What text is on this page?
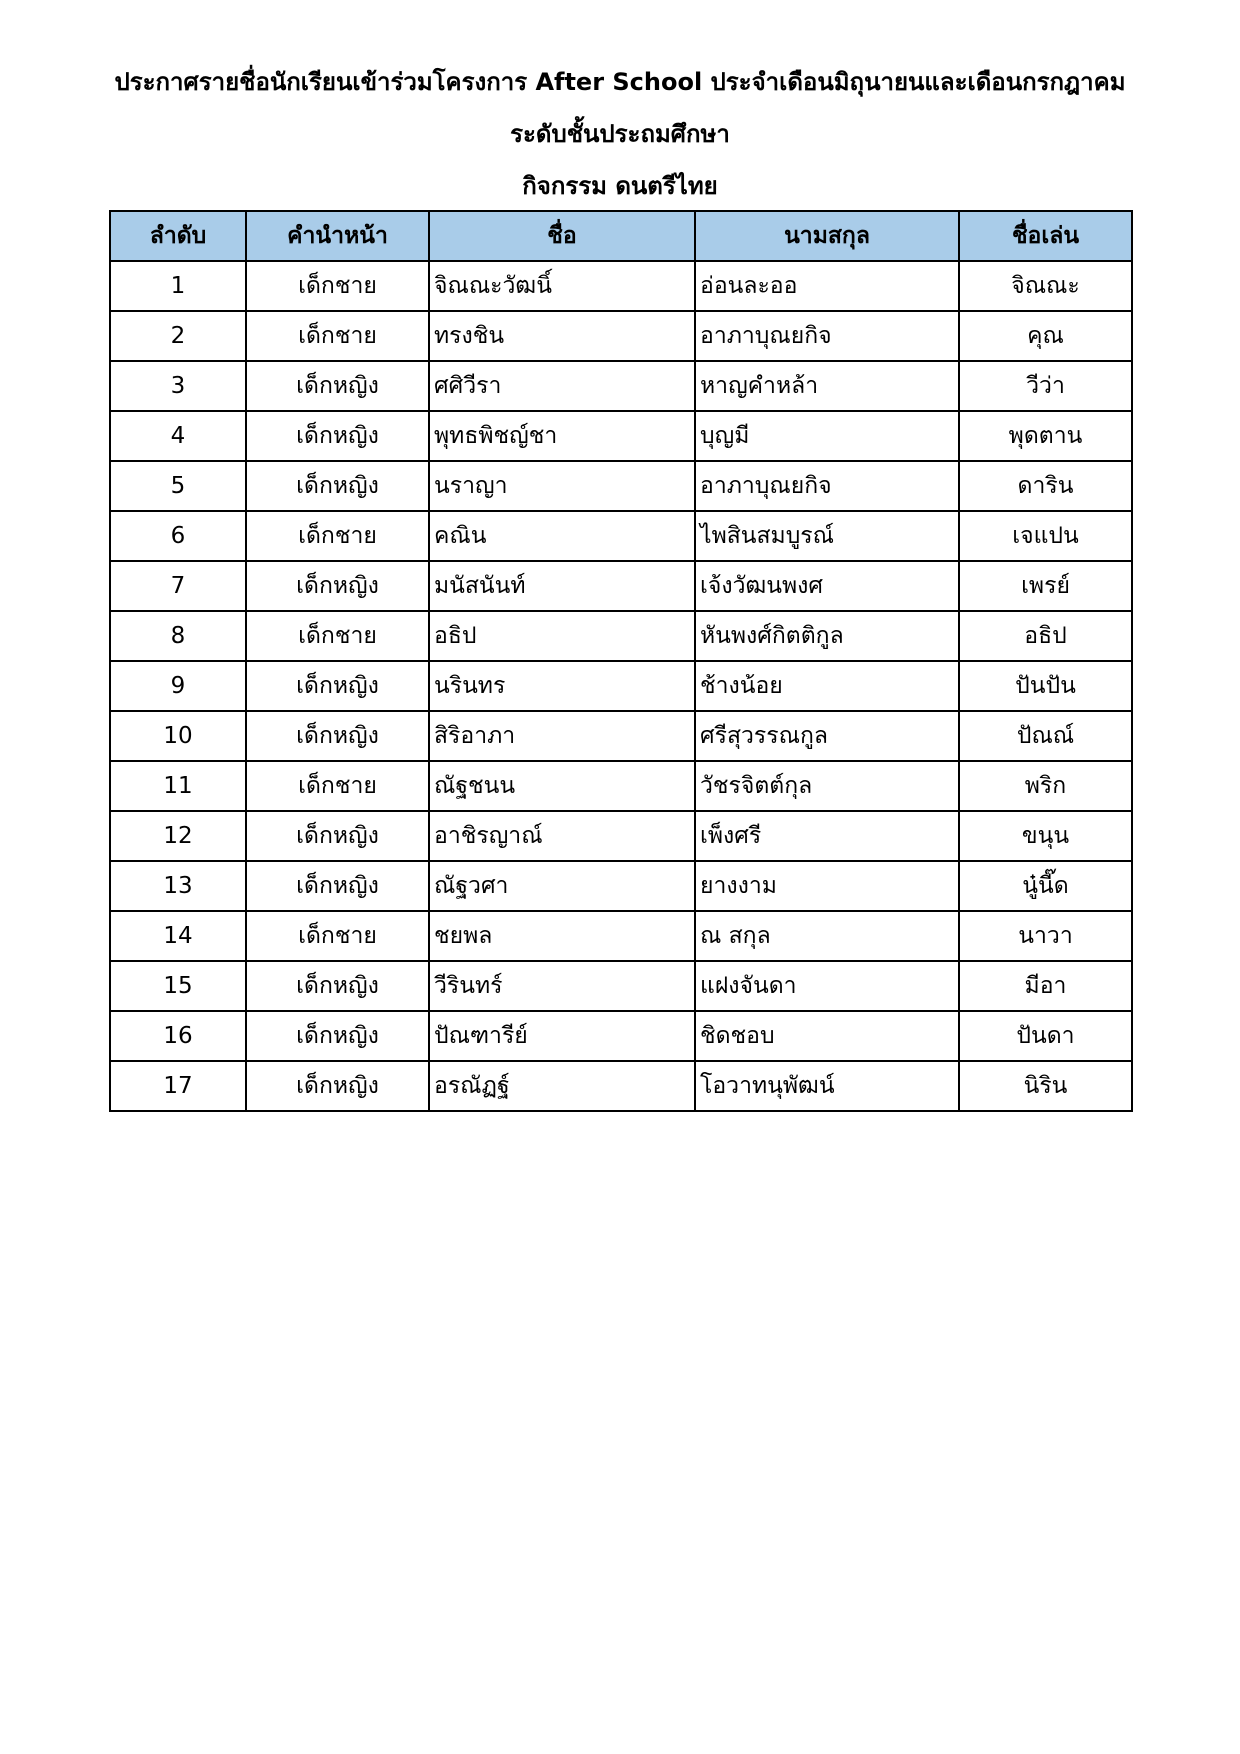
ประกาศรายชื่อนักเรียนเข้าร่วมโครงการ After School ประจำเดือนมิถุนายนและเดือนกรกฎาคม
ระดับชั้นประถมศึกษา
กิจกรรม ดนตรีไทย
ลำดับ	คำนำหน้า	ชื่อ	นามสกุล	ชื่อเล่น
1	เด็กชาย	จิณณะวัฒนิ์	อ่อนละออ	จิณณะ
2	เด็กชาย	ทรงชิน	อาภาบุณยกิจ	คุณ
3	เด็กหญิง	ศศิวีรา	หาญคำหล้า	วีว่า
4	เด็กหญิง	พุทธพิชญ์ชา	บุญมี	พุดตาน
5	เด็กหญิง	นราญา	อาภาบุณยกิจ	ดาริน
6	เด็กชาย	คณิน	ไพสินสมบูรณ์	เจแปน
7	เด็กหญิง	มนัสนันท์	เจ้งวัฒนพงศ	เพรย์
8	เด็กชาย	อธิป	หันพงศ์กิตติกูล	อธิป
9	เด็กหญิง	นรินทร	ช้างน้อย	ปันปัน
10	เด็กหญิง	สิริอาภา	ศรีสุวรรณกูล	ปัณณ์
11	เด็กชาย	ณัฐชนน	วัชรจิตต์กุล	พริก
12	เด็กหญิง	อาชิรญาณ์	เพ็งศรี	ขนุน
13	เด็กหญิง	ณัฐวศา	ยางงาม	นู๋นี๊ด
14	เด็กชาย	ชยพล	ณ สกุล	นาวา
15	เด็กหญิง	วีรินทร์	แฝงจันดา	มีอา
16	เด็กหญิง	ปัณฑารีย์	ชิดชอบ	ปันดา
17	เด็กหญิง	อรณัฏฐ์	โอวาทนุพัฒน์	นิริน
